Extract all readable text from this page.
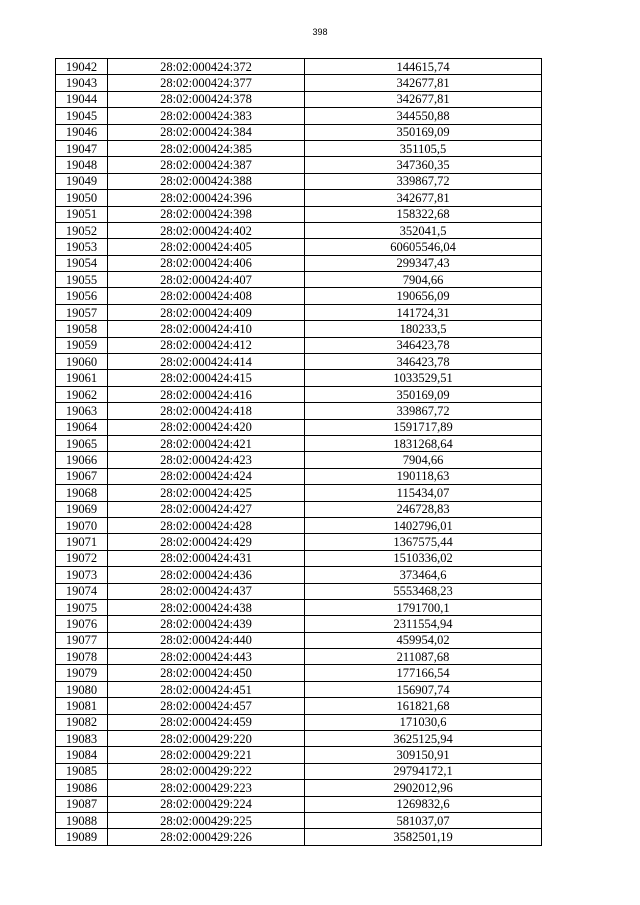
398
19042	28:02:000424:372	144615,74
19043	28:02:000424:377	342677,81
19044	28:02:000424:378	342677,81
19045	28:02:000424:383	344550,88
19046	28:02:000424:384	350169,09
19047	28:02:000424:385	351105,5
19048	28:02:000424:387	347360,35
19049	28:02:000424:388	339867,72
19050	28:02:000424:396	342677,81
19051	28:02:000424:398	158322,68
19052	28:02:000424:402	352041,5
19053	28:02:000424:405	60605546,04
19054	28:02:000424:406	299347,43
19055	28:02:000424:407	7904,66
19056	28:02:000424:408	190656,09
19057	28:02:000424:409	141724,31
19058	28:02:000424:410	180233,5
19059	28:02:000424:412	346423,78
19060	28:02:000424:414	346423,78
19061	28:02:000424:415	1033529,51
19062	28:02:000424:416	350169,09
19063	28:02:000424:418	339867,72
19064	28:02:000424:420	1591717,89
19065	28:02:000424:421	1831268,64
19066	28:02:000424:423	7904,66
19067	28:02:000424:424	190118,63
19068	28:02:000424:425	115434,07
19069	28:02:000424:427	246728,83
19070	28:02:000424:428	1402796,01
19071	28:02:000424:429	1367575,44
19072	28:02:000424:431	1510336,02
19073	28:02:000424:436	373464,6
19074	28:02:000424:437	5553468,23
19075	28:02:000424:438	1791700,1
19076	28:02:000424:439	2311554,94
19077	28:02:000424:440	459954,02
19078	28:02:000424:443	211087,68
19079	28:02:000424:450	177166,54
19080	28:02:000424:451	156907,74
19081	28:02:000424:457	161821,68
19082	28:02:000424:459	171030,6
19083	28:02:000429:220	3625125,94
19084	28:02:000429:221	309150,91
19085	28:02:000429:222	29794172,1
19086	28:02:000429:223	2902012,96
19087	28:02:000429:224	1269832,6
19088	28:02:000429:225	581037,07
19089	28:02:000429:226	3582501,19
